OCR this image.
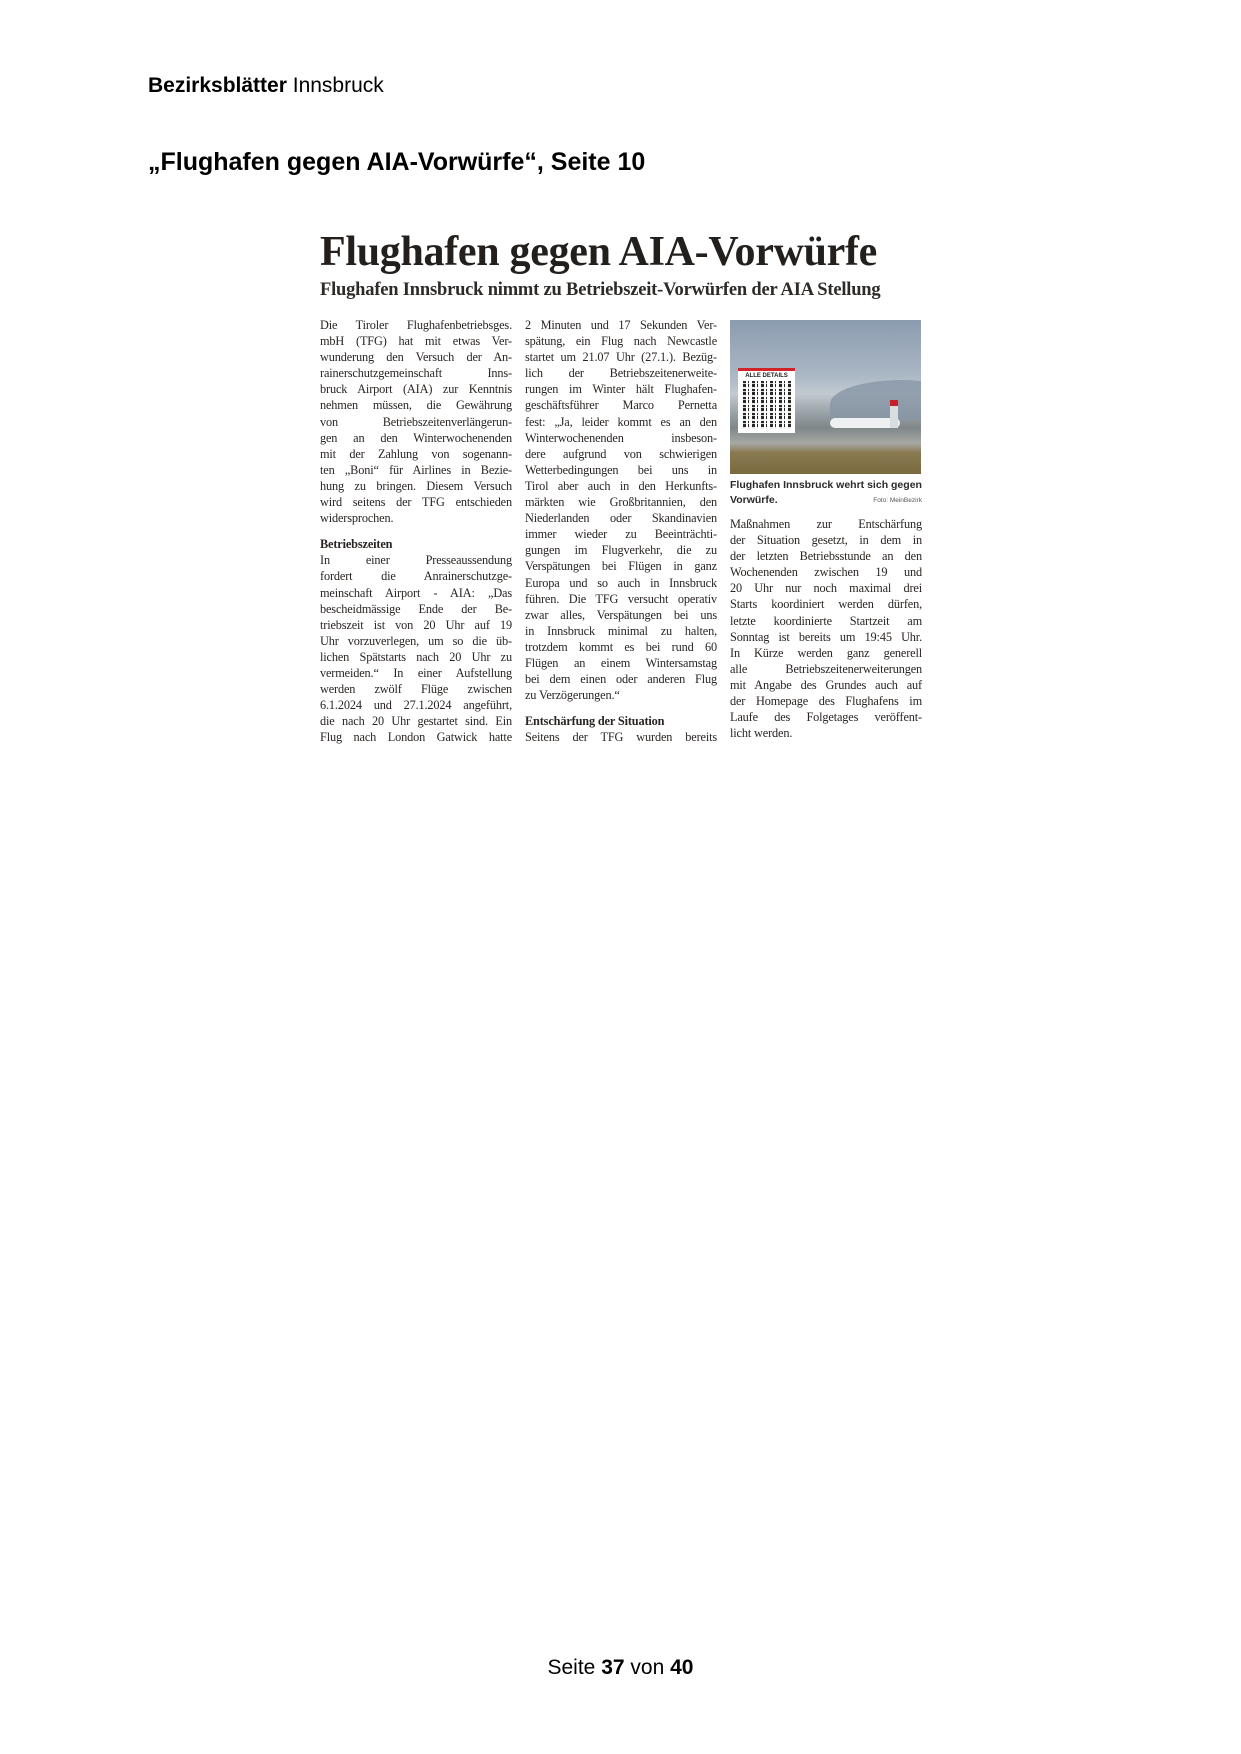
Bezirksblätter Innsbruck
„Flughafen gegen AIA-Vorwürfe“, Seite 10
Flughafen gegen AIA-Vorwürfe
Flughafen Innsbruck nimmt zu Betriebszeit-Vorwürfen der AIA Stellung
Die Tiroler Flughafenbetriebsges.
mbH (TFG) hat mit etwas Ver-
wunderung den Versuch der An-
rainerschutzgemeinschaft Inns-
bruck Airport (AIA) zur Kenntnis
nehmen müssen, die Gewährung
von Betriebszeitenverlängerun-
gen an den Winterwochenenden
mit der Zahlung von sogenann-
ten „Boni“ für Airlines in Bezie-
hung zu bringen. Diesem Versuch
wird seitens der TFG entschieden
widersprochen.
Betriebszeiten
In einer Presseaussendung
fordert die Anrainerschutzge-
meinschaft Airport - AIA: „Das
bescheidmässige Ende der Be-
triebszeit ist von 20 Uhr auf 19
Uhr vorzuverlegen, um so die üb-
lichen Spätstarts nach 20 Uhr zu
vermeiden.“ In einer Aufstellung
werden zwölf Flüge zwischen
6.1.2024 und 27.1.2024 angeführt,
die nach 20 Uhr gestartet sind. Ein
Flug nach London Gatwick hatte
2 Minuten und 17 Sekunden Ver-
spätung, ein Flug nach Newcastle
startet um 21.07 Uhr (27.1.). Bezüg-
lich der Betriebszeitenerweite-
rungen im Winter hält Flughafen-
geschäftsführer Marco Pernetta
fest: „Ja, leider kommt es an den
Winterwochenenden insbeson-
dere aufgrund von schwierigen
Wetterbedingungen bei uns in
Tirol aber auch in den Herkunfts-
märkten wie Großbritannien, den
Niederlanden oder Skandinavien
immer wieder zu Beeinträchti-
gungen im Flugverkehr, die zu
Verspätungen bei Flügen in ganz
Europa und so auch in Innsbruck
führen. Die TFG versucht operativ
zwar alles, Verspätungen bei uns
in Innsbruck minimal zu halten,
trotzdem kommt es bei rund 60
Flügen an einem Wintersamstag
bei dem einen oder anderen Flug
zu Verzögerungen.“
Entschärfung der Situation
Seitens der TFG wurden bereits
ALLE DETAILS
Flughafen Innsbruck wehrt sich gegen Vorwürfe.	Foto: MeinBezirk
Maßnahmen zur Entschärfung
der Situation gesetzt, in dem in
der letzten Betriebsstunde an den
Wochenenden zwischen 19 und
20 Uhr nur noch maximal drei
Starts koordiniert werden dürfen,
letzte koordinierte Startzeit am
Sonntag ist bereits um 19:45 Uhr.
In Kürze werden ganz generell
alle Betriebszeitenerweiterungen
mit Angabe des Grundes auch auf
der Homepage des Flughafens im
Laufe des Folgetages veröffent-
licht werden.
Seite 37 von 40
